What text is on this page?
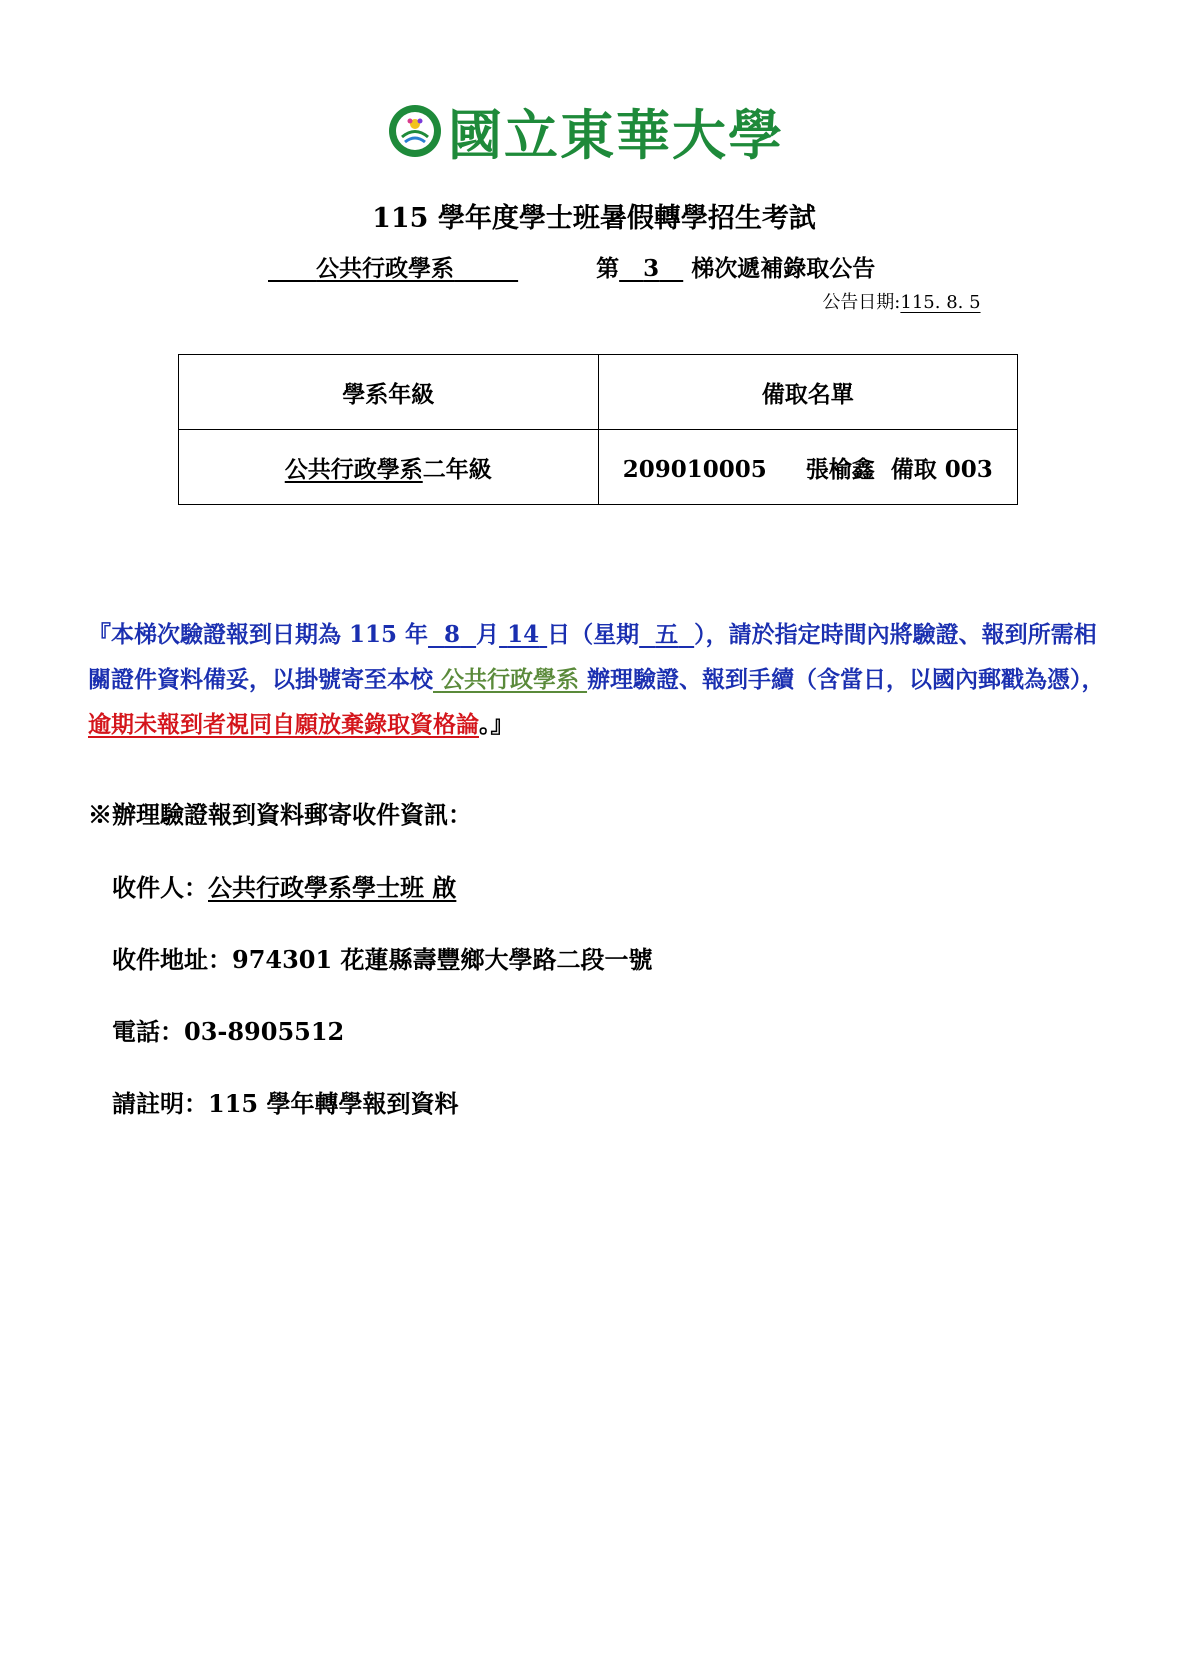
國立東華大學
115 學年度學士班暑假轉學招生考試
公共行政學系	第 3 梯次遞補錄取公告
公告日期:115. 8. 5
學系年級	備取名單
公共行政學系二年級	209010005　  張榆鑫  備取 003
『本梯次驗證報到日期為 115 年 8 月 14 日（星期 五 ），請於指定時間內將驗證、報到所需相關證件資料備妥，以掛號寄至本校 公共行政學系 辦理驗證、報到手續（含當日，以國內郵戳為憑），逾期未報到者視同自願放棄錄取資格論。』
※辦理驗證報到資料郵寄收件資訊：
收件人：公共行政學系學士班 啟
收件地址：974301 花蓮縣壽豐鄉大學路二段一號
電話：03-8905512
請註明：115 學年轉學報到資料
